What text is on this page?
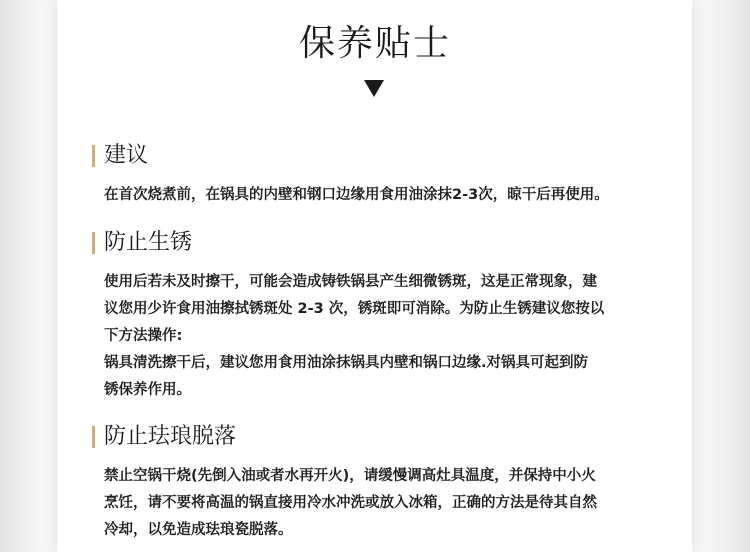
保养贴士
建议

在首次烧煮前，在锅具的内壁和钢口边缘用食用油涂抹2-3次，晾干后再使用。

防止生锈

使用后若未及时擦干，可能会造成铸铁锅县产生细微锈斑，这是正常现象，建

议您用少许食用油擦拭锈斑处 2-3 次，锈斑即可消除。为防止生锈建议您按以

下方法操作:

锅具清洗擦干后，建议您用食用油涂抹锅具内壁和锅口边缘.对锅具可起到防

锈保养作用。

防止珐琅脱落

禁止空锅干烧(先倒入油或者水再开火)，请缓慢调高灶具温度，并保持中小火

烹饪，请不要将高温的锅直接用冷水冲洗或放入冰箱，正确的方法是待其自然

冷却，以免造成珐琅瓷脱落。
